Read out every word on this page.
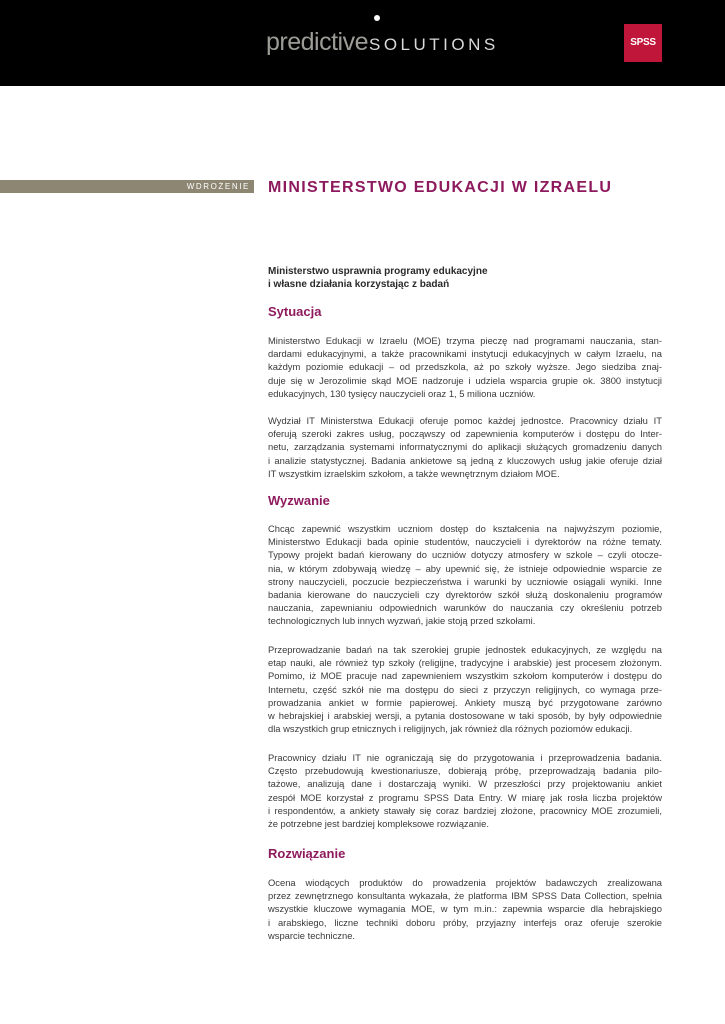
predictiveSOLUTIONS	SPSS
WDROŻENIE MINISTERSTWO EDUKACJI W IZRAELU
Ministerstwo usprawnia programy edukacyjne
i własne działania korzystając z badań
Sytuacja
Ministerstwo Edukacji w Izraelu (MOE) trzyma pieczę nad programami nauczania, stan-
dardami edukacyjnymi, a także pracownikami instytucji edukacyjnych w całym Izraelu, na
każdym poziomie edukacji – od przedszkola, aż po szkoły wyższe. Jego siedziba znaj-
duje się w Jerozolimie skąd MOE nadzoruje i udziela wsparcia grupie ok. 3800 instytucji
edukacyjnych, 130 tysięcy nauczycieli oraz 1, 5 miliona uczniów.
Wydział IT Ministerstwa Edukacji oferuje pomoc każdej jednostce. Pracownicy działu IT
oferują szeroki zakres usług, począwszy od zapewnienia komputerów i dostępu do Inter-
netu, zarządzania systemami informatycznymi do aplikacji służących gromadzeniu danych
i analizie statystycznej. Badania ankietowe są jedną z kluczowych usług jakie oferuje dział
IT wszystkim izraelskim szkołom, a także wewnętrznym działom MOE.
Wyzwanie
Chcąc zapewnić wszystkim uczniom dostęp do kształcenia na najwyższym poziomie,
Ministerstwo Edukacji bada opinie studentów, nauczycieli i dyrektorów na różne tematy.
Typowy projekt badań kierowany do uczniów dotyczy atmosfery w szkole – czyli otocze-
nia, w którym zdobywają wiedzę – aby upewnić się, że istnieje odpowiednie wsparcie ze
strony nauczycieli, poczucie bezpieczeństwa i warunki by uczniowie osiągali wyniki. Inne
badania kierowane do nauczycieli czy dyrektorów szkół służą doskonaleniu programów
nauczania, zapewnianiu odpowiednich warunków do nauczania czy określeniu potrzeb
technologicznych lub innych wyzwań, jakie stoją przed szkołami.
Przeprowadzanie badań na tak szerokiej grupie jednostek edukacyjnych, ze względu na
etap nauki, ale również typ szkoły (religijne, tradycyjne i arabskie) jest procesem złożonym.
Pomimo, iż MOE pracuje nad zapewnieniem wszystkim szkołom komputerów i dostępu do
Internetu, część szkół nie ma dostępu do sieci z przyczyn religijnych, co wymaga prze-
prowadzania ankiet w formie papierowej. Ankiety muszą być przygotowane zarówno
w hebrajskiej i arabskiej wersji, a pytania dostosowane w taki sposób, by były odpowiednie
dla wszystkich grup etnicznych i religijnych, jak również dla różnych poziomów edukacji.
Pracownicy działu IT nie ograniczają się do przygotowania i przeprowadzenia badania.
Często przebudowują kwestionariusze, dobierają próbę, przeprowadzają badania pilo-
tażowe, analizują dane i dostarczają wyniki. W przeszłości przy projektowaniu ankiet
zespół MOE korzystał z programu SPSS Data Entry. W miarę jak rosła liczba projektów
i respondentów, a ankiety stawały się coraz bardziej złożone, pracownicy MOE zrozumieli,
że potrzebne jest bardziej kompleksowe rozwiązanie.
Rozwiązanie
Ocena wiodących produktów do prowadzenia projektów badawczych zrealizowana
przez zewnętrznego konsultanta wykazała, że platforma IBM SPSS Data Collection, spełnia
wszystkie kluczowe wymagania MOE, w tym m.in.: zapewnia wsparcie dla hebrajskiego
i arabskiego, liczne techniki doboru próby, przyjazny interfejs oraz oferuje szerokie
wsparcie techniczne.
